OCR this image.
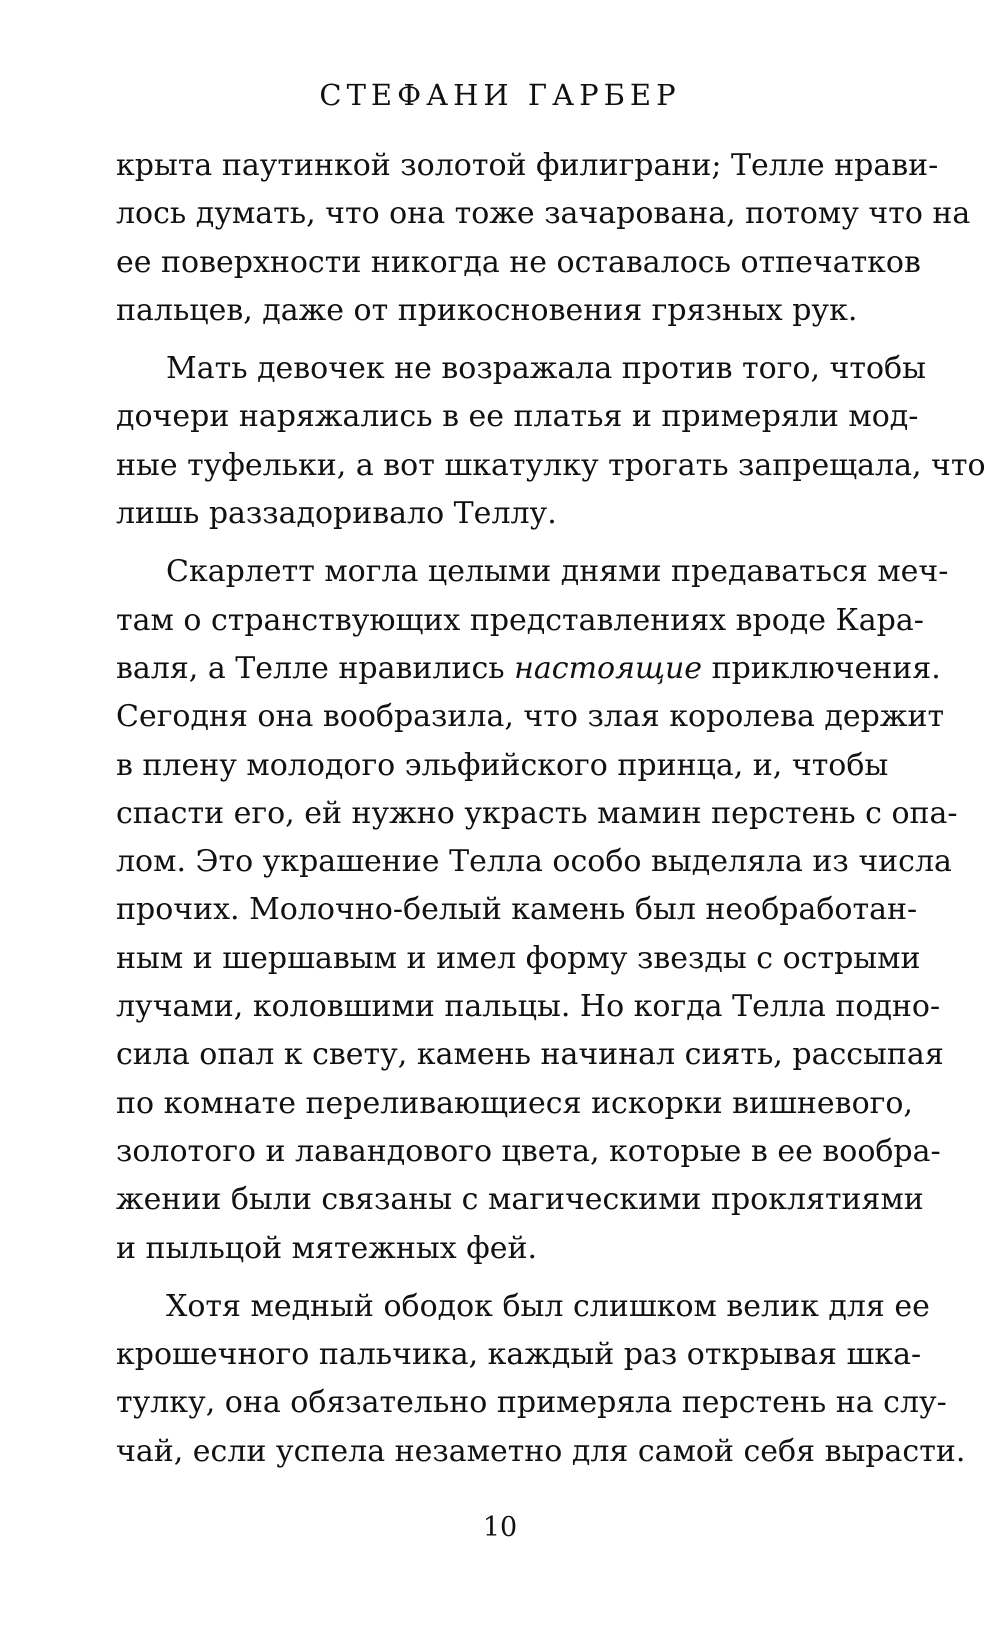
СТЕФАНИ ГАРБЕР

крыта паутинкой золотой филиграни; Телле нрави-
лось думать, что она тоже зачарована, потому что на
ее поверхности никогда не оставалось отпечатков
пальцев, даже от прикосновения грязных рук.

Мать девочек не возражала против того, чтобы
дочери наряжались в ее платья и примеряли мод-
ные туфельки, а вот шкатулку трогать запрещала, что
лишь раззадоривало Теллу.

Скарлетт могла целыми днями предаваться меч-
там о странствующих представлениях вроде Кара-
валя, а Телле нравились настоящие приключения.
Сегодня она вообразила, что злая королева держит
в плену молодого эльфийского принца, и, чтобы
спасти его, ей нужно украсть мамин перстень с опа-
лом. Это украшение Телла особо выделяла из числа
прочих. Молочно-белый камень был необработан-
ным и шершавым и имел форму звезды с острыми
лучами, коловшими пальцы. Но когда Телла подно-
сила опал к свету, камень начинал сиять, рассыпая
по комнате переливающиеся искорки вишневого,
золотого и лавандового цвета, которые в ее вообра-
жении были связаны с магическими проклятиями
и пыльцой мятежных фей.

Хотя медный ободок был слишком велик для ее
крошечного пальчика, каждый раз открывая шка-
тулку, она обязательно примеряла перстень на слу-
чай, если успела незаметно для самой себя вырасти.

10
